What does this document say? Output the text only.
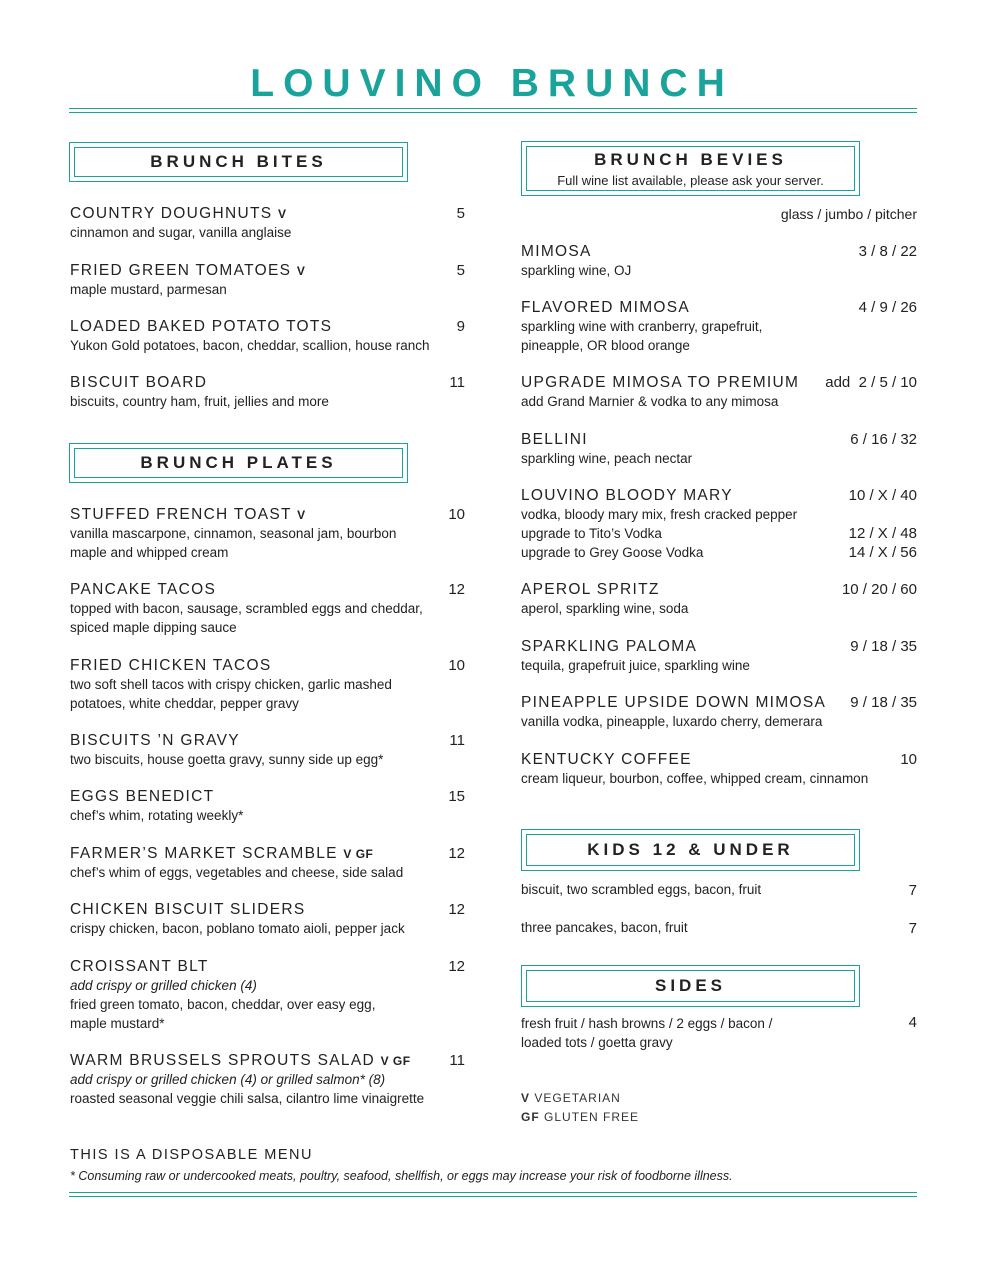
LOUVINO BRUNCH
BRUNCH BITES
COUNTRY DOUGHNUTS V
cinnamon and sugar, vanilla anglaise
5
FRIED GREEN TOMATOES V
maple mustard, parmesan
5
LOADED BAKED POTATO TOTS
Yukon Gold potatoes, bacon, cheddar, scallion, house ranch
9
BISCUIT BOARD
biscuits, country ham, fruit, jellies and more
11
BRUNCH PLATES
STUFFED FRENCH TOAST V
vanilla mascarpone, cinnamon, seasonal jam, bourbon
maple and whipped cream
10
PANCAKE TACOS
topped with bacon, sausage, scrambled eggs and cheddar,
spiced maple dipping sauce
12
FRIED CHICKEN TACOS
two soft shell tacos with crispy chicken, garlic mashed
potatoes, white cheddar, pepper gravy
10
BISCUITS ’N GRAVY
two biscuits, house goetta gravy, sunny side up egg*
11
EGGS BENEDICT
chef’s whim, rotating weekly*
15
FARMER’S MARKET SCRAMBLE V GF
chef’s whim of eggs, vegetables and cheese, side salad
12
CHICKEN BISCUIT SLIDERS
crispy chicken, bacon, poblano tomato aioli, pepper jack
12
CROISSANT BLT
add crispy or grilled chicken (4)
fried green tomato, bacon, cheddar, over easy egg,
maple mustard*
12
WARM BRUSSELS SPROUTS SALAD V GF
add crispy or grilled chicken (4) or grilled salmon* (8)
roasted seasonal veggie chili salsa, cilantro lime vinaigrette
11
BRUNCH BEVIES
Full wine list available, please ask your server.
glass / jumbo / pitcher
MIMOSA
sparkling wine, OJ
3 / 8 / 22
FLAVORED MIMOSA
sparkling wine with cranberry, grapefruit,
pineapple, OR blood orange
4 / 9 / 26
UPGRADE MIMOSA TO PREMIUM
add Grand Marnier & vodka to any mimosa
add  2 / 5 / 10
BELLINI
sparkling wine, peach nectar
6 / 16 / 32
LOUVINO BLOODY MARY
vodka, bloody mary mix, fresh cracked pepper
upgrade to Tito’s Vodka
upgrade to Grey Goose Vodka
10 / X / 40
12 / X / 48
14 / X / 56
APEROL SPRITZ
aperol, sparkling wine, soda
10 / 20 / 60
SPARKLING PALOMA
tequila, grapefruit juice, sparkling wine
9 / 18 / 35
PINEAPPLE UPSIDE DOWN MIMOSA
vanilla vodka, pineapple, luxardo cherry, demerara
9 / 18 / 35
KENTUCKY COFFEE
cream liqueur, bourbon, coffee, whipped cream, cinnamon
10
KIDS 12 & UNDER
biscuit, two scrambled eggs, bacon, fruit	7
three pancakes, bacon, fruit	7
SIDES
fresh fruit / hash browns / 2 eggs / bacon /
loaded tots / goetta gravy
4
V VEGETARIAN
GF GLUTEN FREE
THIS IS A DISPOSABLE MENU
* Consuming raw or undercooked meats, poultry, seafood, shellfish, or eggs may increase your risk of foodborne illness.
